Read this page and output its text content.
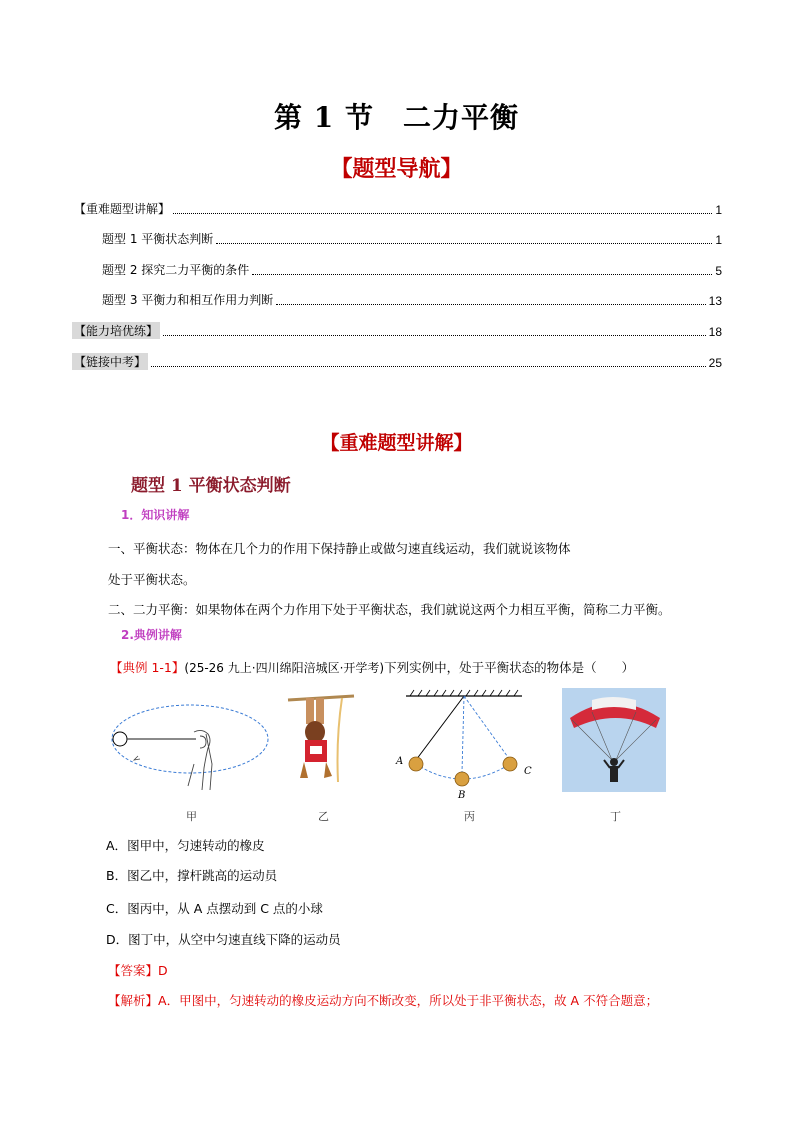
第 1 节　二力平衡
【题型导航】
【重难题型讲解】	1
题型 1 平衡状态判断	1
题型 2 探究二力平衡的条件	5
题型 3 平衡力和相互作用力判断	13
【能力培优练】	18
【链接中考】	25
【重难题型讲解】
题型 1 平衡状态判断
1．知识讲解
一、平衡状态：物体在几个力的作用下保持静止或做匀速直线运动，我们就说该物体
处于平衡状态。
二、二力平衡：如果物体在两个力作用下处于平衡状态，我们就说这两个力相互平衡，简称二力平衡。
2.典例讲解
【典例 1-1】(25-26 九上·四川绵阳涪城区·开学考)下列实例中，处于平衡状态的物体是（　　）
甲	乙
A
B
C
丙	丁
A．图甲中，匀速转动的橡皮
B．图乙中，撑杆跳高的运动员
C．图丙中，从 A 点摆动到 C 点的小球
D．图丁中，从空中匀速直线下降的运动员
【答案】D
【解析】A．甲图中，匀速转动的橡皮运动方向不断改变，所以处于非平衡状态，故 A 不符合题意；
